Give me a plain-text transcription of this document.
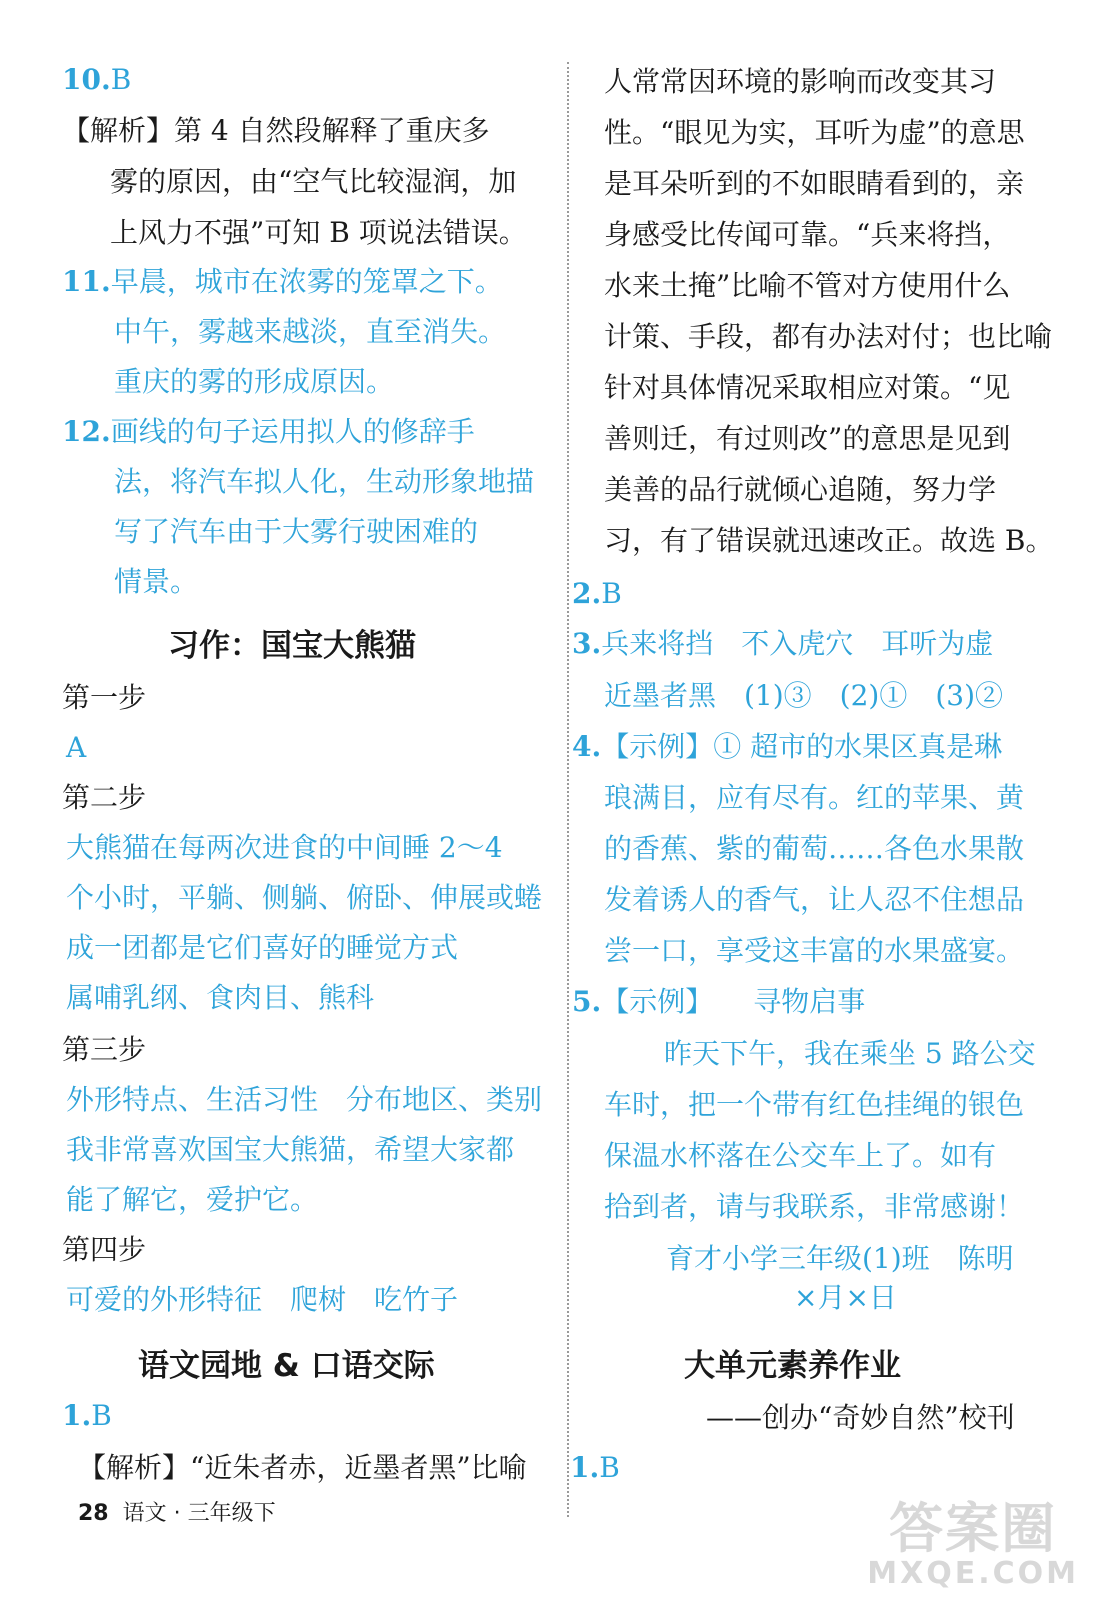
10.B
【解析】第 4 自然段解释了重庆多
雾的原因，由“空气比较湿润，加
上风力不强”可知 B 项说法错误。
11.早晨，城市在浓雾的笼罩之下。
中午，雾越来越淡，直至消失。
重庆的雾的形成原因。
12.画线的句子运用拟人的修辞手
法，将汽车拟人化，生动形象地描
写了汽车由于大雾行驶困难的
情景。
习作：国宝大熊猫
第一步
A
第二步
大熊猫在每两次进食的中间睡 2～4
个小时，平躺、侧躺、俯卧、伸展或蜷
成一团都是它们喜好的睡觉方式
属哺乳纲、食肉目、熊科
第三步
外形特点、生活习性　分布地区、类别
我非常喜欢国宝大熊猫，希望大家都
能了解它，爱护它。
第四步
可爱的外形特征　爬树　吃竹子
语文园地 & 口语交际
1.B
【解析】“近朱者赤，近墨者黑”比喻
人常常因环境的影响而改变其习
性。“眼见为实，耳听为虚”的意思
是耳朵听到的不如眼睛看到的，亲
身感受比传闻可靠。“兵来将挡，
水来土掩”比喻不管对方使用什么
计策、手段，都有办法对付；也比喻
针对具体情况采取相应对策。“见
善则迁，有过则改”的意思是见到
美善的品行就倾心追随，努力学
习，有了错误就迅速改正。故选 B。
2.B
3.兵来将挡　不入虎穴　耳听为虚
近墨者黑　(1)③　(2)①　(3)②
4.【示例】① 超市的水果区真是琳
琅满目，应有尽有。红的苹果、黄
的香蕉、紫的葡萄……各色水果散
发着诱人的香气，让人忍不住想品
尝一口，享受这丰富的水果盛宴。
5.【示例】 寻物启事
昨天下午，我在乘坐 5 路公交
车时，把一个带有红色挂绳的银色
保温水杯落在公交车上了。如有
拾到者，请与我联系，非常感谢！
育才小学三年级(1)班　陈明
×月×日
大单元素养作业
——创办“奇妙自然”校刊
1.B
28 语文 · 三年级下	答案圈
MXQE.COM
